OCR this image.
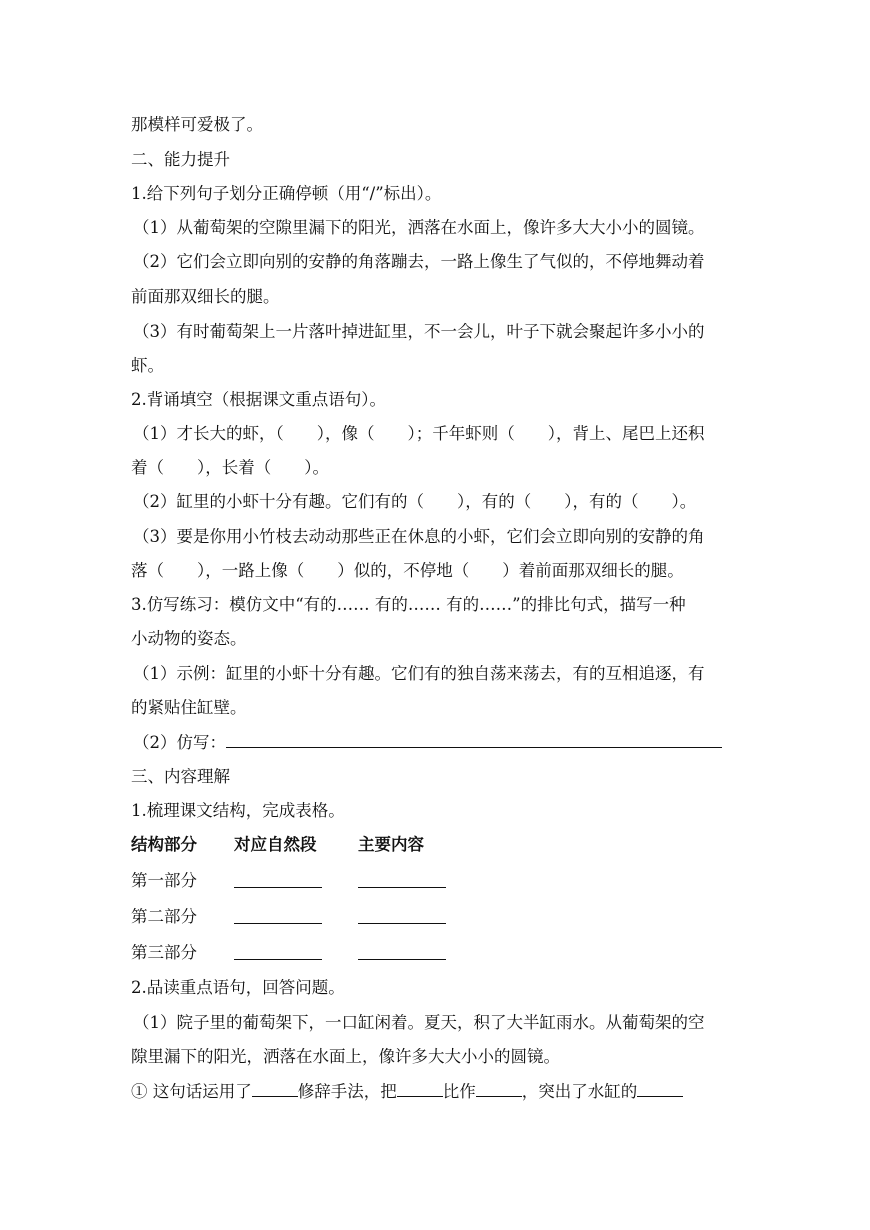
那模样可爱极了。
二、能力提升
1.给下列句子划分正确停顿（用“/”标出）。
（1）从葡萄架的空隙里漏下的阳光，洒落在水面上，像许多大大小小的圆镜。
（2）它们会立即向别的安静的角落蹦去，一路上像生了气似的，不停地舞动着
前面那双细长的腿。
（3）有时葡萄架上一片落叶掉进缸里，不一会儿，叶子下就会聚起许多小小的
虾。
2.背诵填空（根据课文重点语句）。
（1）才长大的虾，（　　），像（　　）；千年虾则（　　），背上、尾巴上还积
着（　　），长着（　　）。
（2）缸里的小虾十分有趣。它们有的（　　），有的（　　），有的（　　）。
（3）要是你用小竹枝去动动那些正在休息的小虾，它们会立即向别的安静的角
落（　　），一路上像（　　）似的，不停地（　　）着前面那双细长的腿。
3.仿写练习：模仿文中“有的…… 有的…… 有的……”的排比句式，描写一种
小动物的姿态。
（1）示例：缸里的小虾十分有趣。它们有的独自荡来荡去，有的互相追逐，有
的紧贴住缸壁。
（2）仿写：
三、内容理解
1.梳理课文结构，完成表格。
结构部分 对应自然段	主要内容
第一部分
第二部分
第三部分
2.品读重点语句，回答问题。
（1）院子里的葡萄架下，一口缸闲着。夏天，积了大半缸雨水。从葡萄架的空
隙里漏下的阳光，洒落在水面上，像许多大大小小的圆镜。
① 这句话运用了	修辞手法，把	比作	，突出了水缸的
